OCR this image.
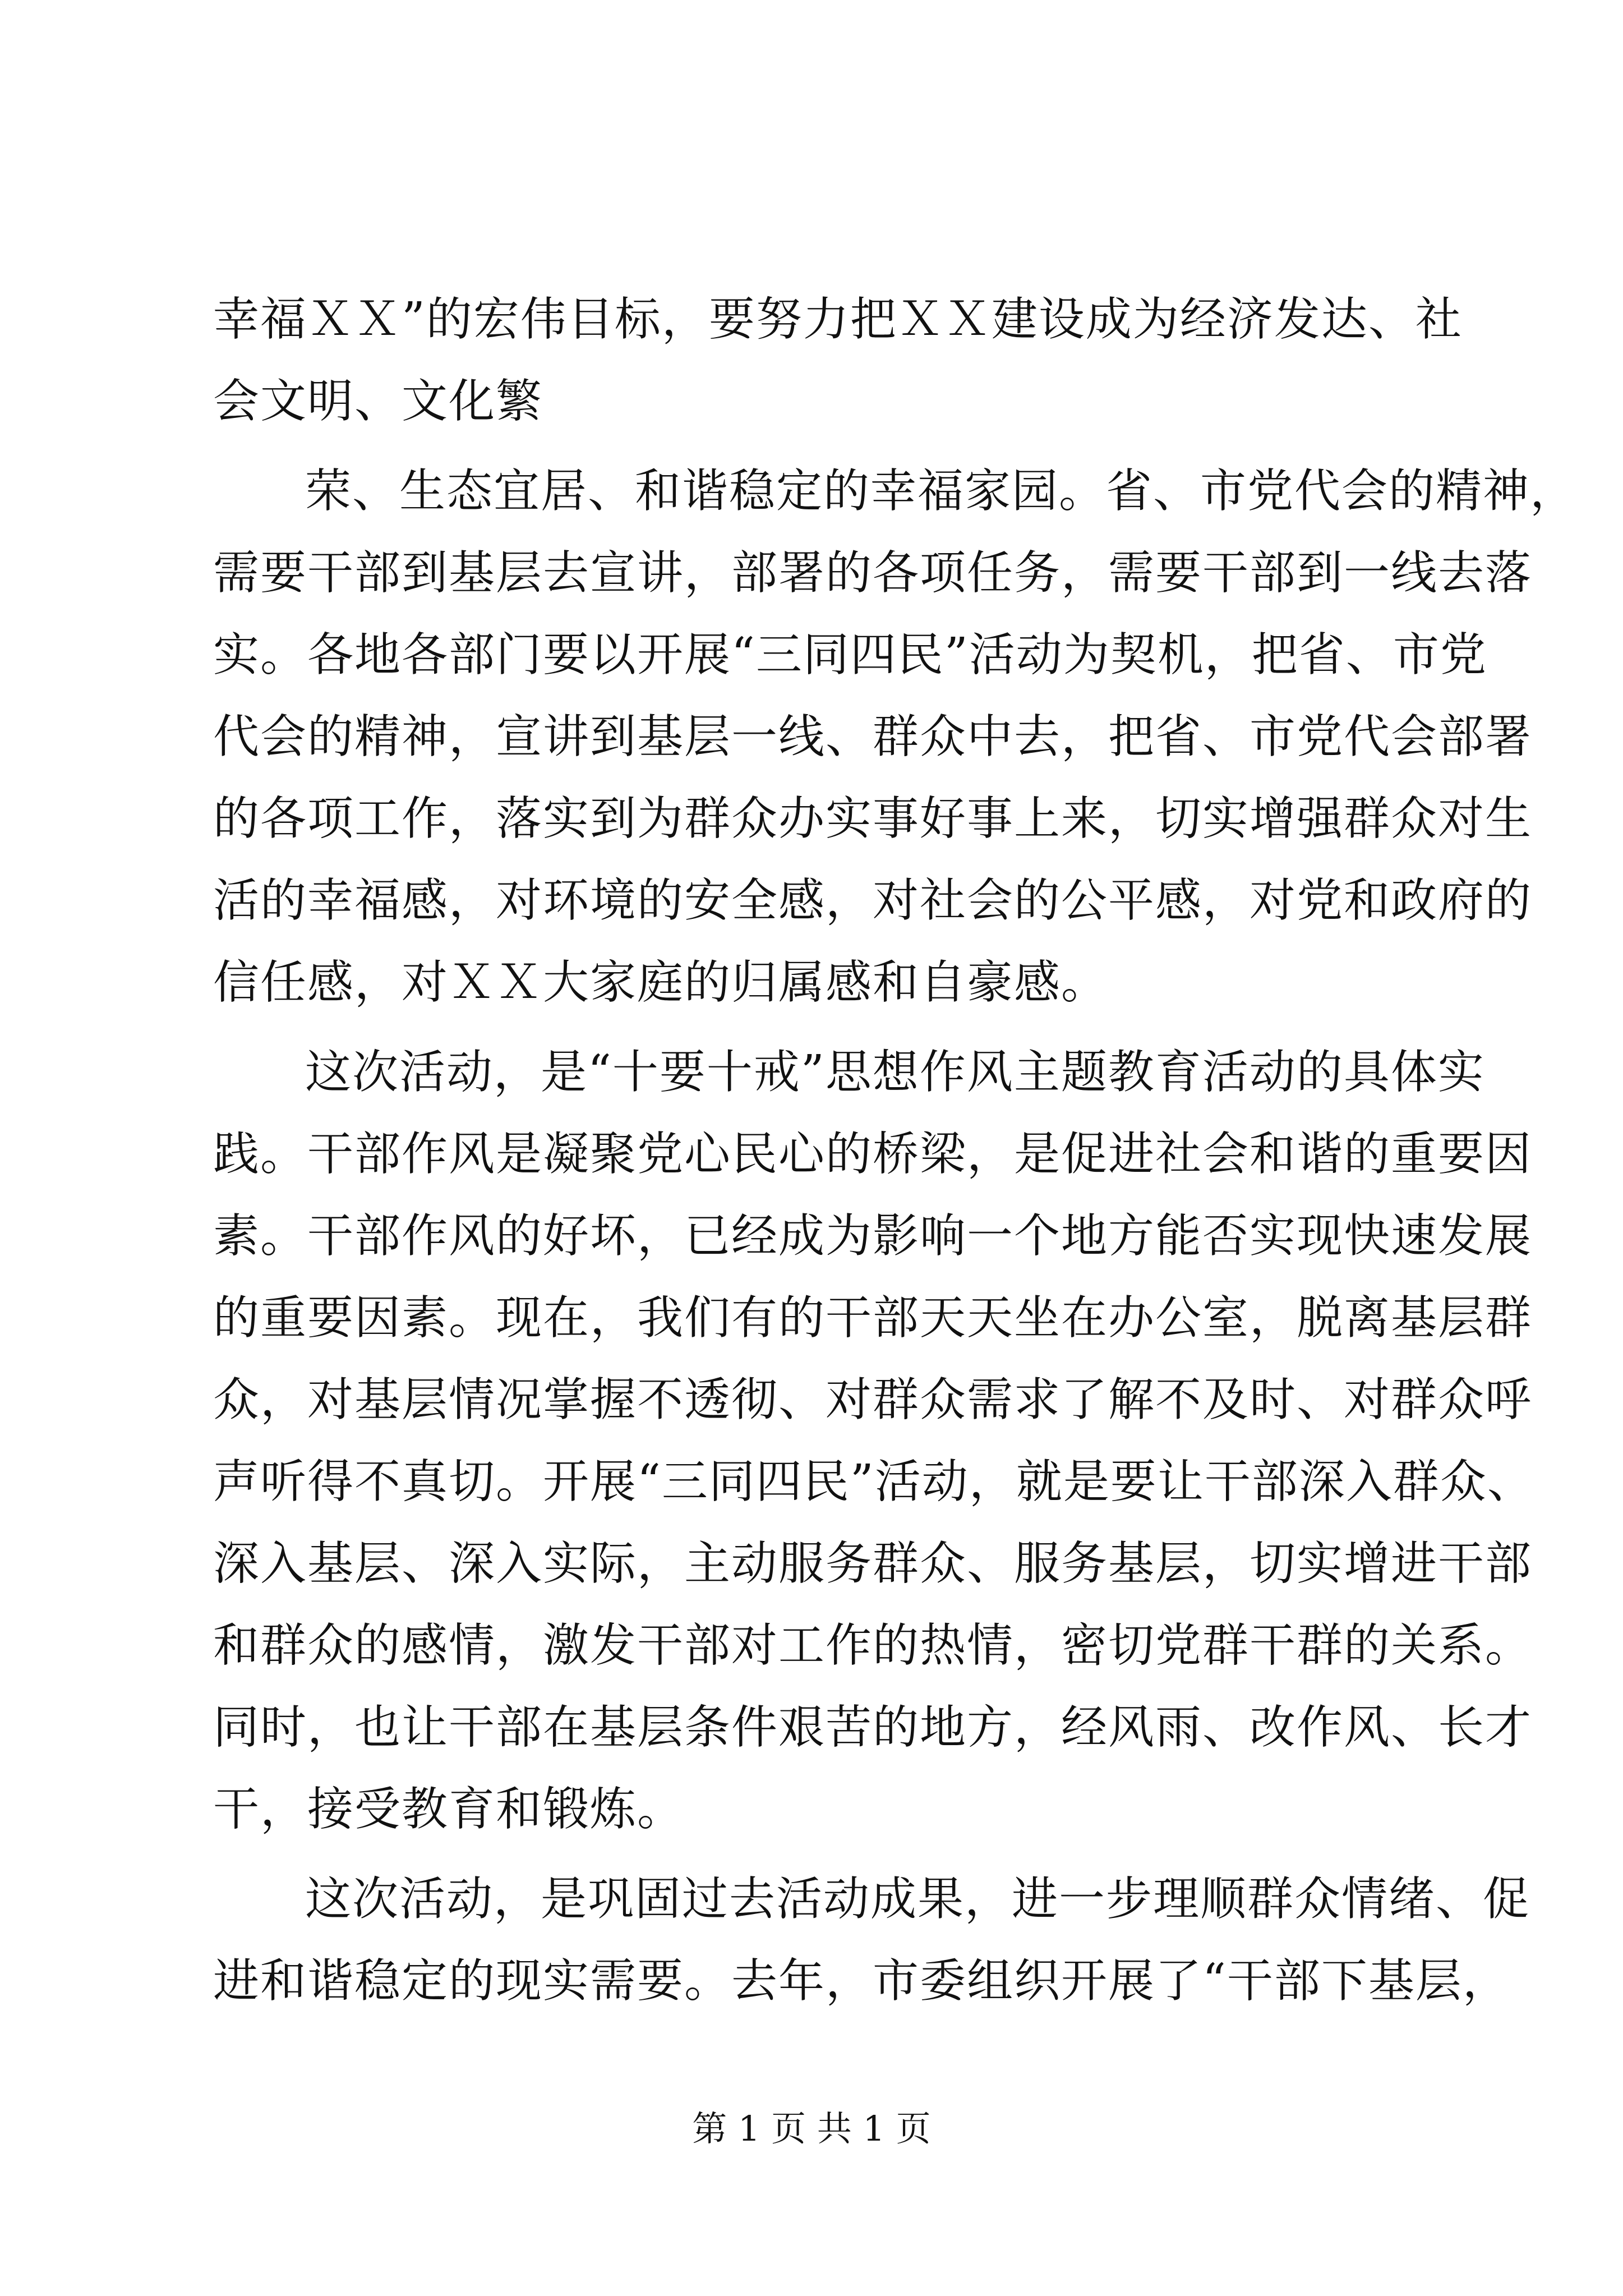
幸福ＸＸ”的宏伟目标，要努力把ＸＸ建设成为经济发达、社
会文明、文化繁
荣、生态宜居、和谐稳定的幸福家园。省、市党代会的精神，
需要干部到基层去宣讲，部署的各项任务，需要干部到一线去落
实。各地各部门要以开展“三同四民”活动为契机，把省、市党
代会的精神，宣讲到基层一线、群众中去，把省、市党代会部署
的各项工作，落实到为群众办实事好事上来，切实增强群众对生
活的幸福感，对环境的安全感，对社会的公平感，对党和政府的
信任感，对ＸＸ大家庭的归属感和自豪感。
这次活动，是“十要十戒”思想作风主题教育活动的具体实
践。干部作风是凝聚党心民心的桥梁，是促进社会和谐的重要因
素。干部作风的好坏，已经成为影响一个地方能否实现快速发展
的重要因素。现在，我们有的干部天天坐在办公室，脱离基层群
众，对基层情况掌握不透彻、对群众需求了解不及时、对群众呼
声听得不真切。开展“三同四民”活动，就是要让干部深入群众、
深入基层、深入实际，主动服务群众、服务基层，切实增进干部
和群众的感情，激发干部对工作的热情，密切党群干群的关系。
同时，也让干部在基层条件艰苦的地方，经风雨、改作风、长才
干，接受教育和锻炼。
这次活动，是巩固过去活动成果，进一步理顺群众情绪、促
进和谐稳定的现实需要。去年，市委组织开展了“干部下基层，
第 1 页 共 1 页
